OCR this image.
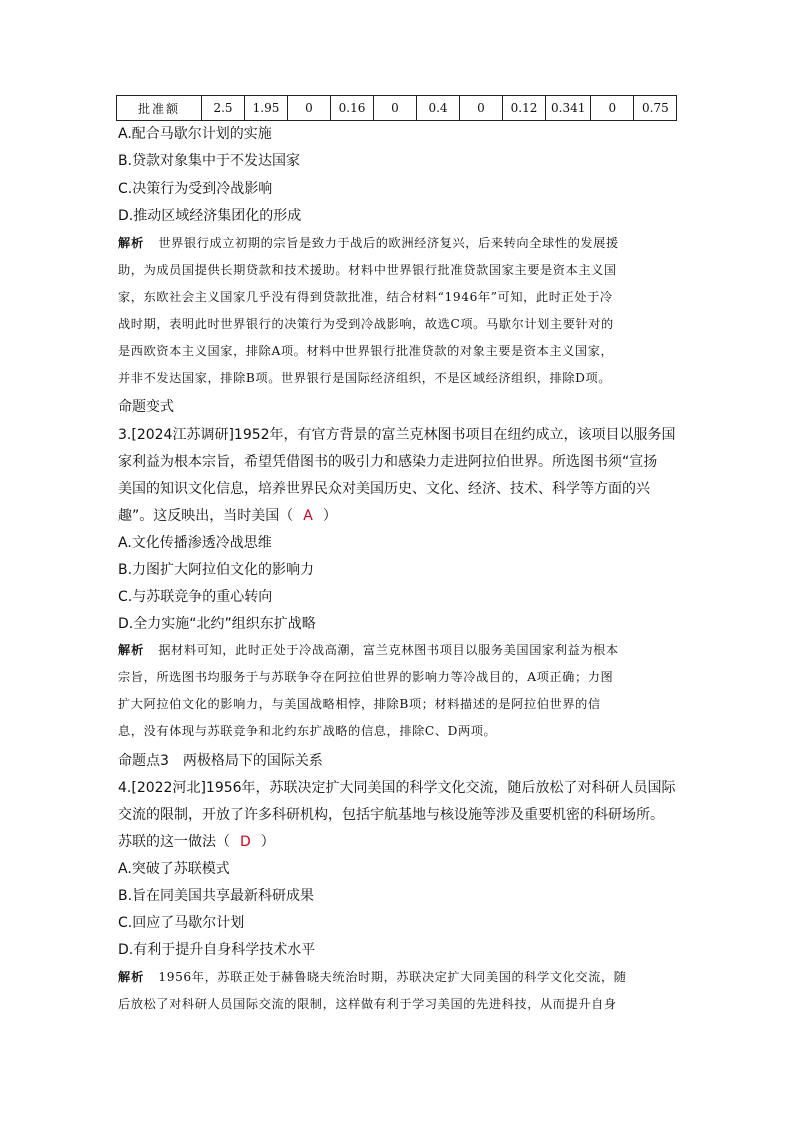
批准额	2.5	1.95	0	0.16	0	0.4	0	0.12	0.341	0	0.75
A.配合马歇尔计划的实施
B.贷款对象集中于不发达国家
C.决策行为受到冷战影响
D.推动区域经济集团化的形成
解析 世界银行成立初期的宗旨是致力于战后的欧洲经济复兴，后来转向全球性的发展援
助，为成员国提供长期贷款和技术援助。材料中世界银行批准贷款国家主要是资本主义国
家，东欧社会主义国家几乎没有得到贷款批准，结合材料“1946年”可知，此时正处于冷
战时期，表明此时世界银行的决策行为受到冷战影响，故选C项。马歇尔计划主要针对的
是西欧资本主义国家，排除A项。材料中世界银行批准贷款的对象主要是资本主义国家，
并非不发达国家，排除B项。世界银行是国际经济组织，不是区域经济组织，排除D项。
命题变式
3.[2024江苏调研]1952年，有官方背景的富兰克林图书项目在纽约成立，该项目以服务国
家利益为根本宗旨，希望凭借图书的吸引力和感染力走进阿拉伯世界。所选图书须“宣扬
美国的知识文化信息，培养世界民众对美国历史、文化、经济、技术、科学等方面的兴
趣”。这反映出，当时美国（ A ）
A.文化传播渗透冷战思维
B.力图扩大阿拉伯文化的影响力
C.与苏联竞争的重心转向
D.全力实施“北约”组织东扩战略
解析 据材料可知，此时正处于冷战高潮，富兰克林图书项目以服务美国国家利益为根本
宗旨，所选图书均服务于与苏联争夺在阿拉伯世界的影响力等冷战目的，A项正确；力图
扩大阿拉伯文化的影响力，与美国战略相悖，排除B项；材料描述的是阿拉伯世界的信
息，没有体现与苏联竞争和北约东扩战略的信息，排除C、D两项。
命题点3　两极格局下的国际关系
4.[2022河北]1956年，苏联决定扩大同美国的科学文化交流，随后放松了对科研人员国际
交流的限制，开放了许多科研机构，包括宇航基地与核设施等涉及重要机密的科研场所。
苏联的这一做法（ D ）
A.突破了苏联模式
B.旨在同美国共享最新科研成果
C.回应了马歇尔计划
D.有利于提升自身科学技术水平
解析 1956年，苏联正处于赫鲁晓夫统治时期，苏联决定扩大同美国的科学文化交流，随
后放松了对科研人员国际交流的限制，这样做有利于学习美国的先进科技，从而提升自身
